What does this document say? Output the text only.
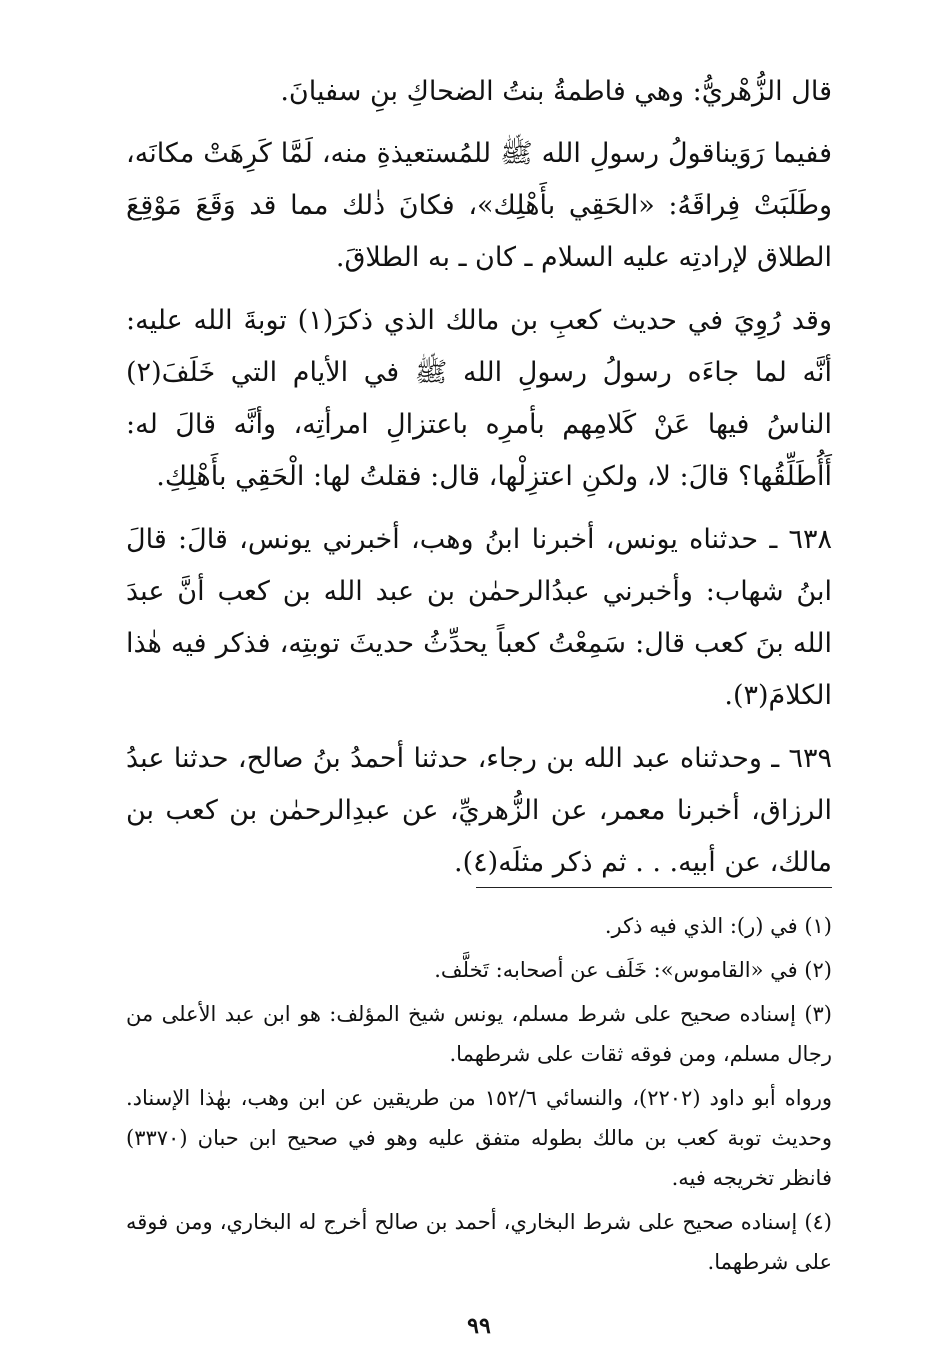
قال الزُّهْريُّ: وهي فاطمةُ بنتُ الضحاكِ بنِ سفيانَ.

ففيما رَوَيناقولُ رسولِ الله ﷺ للمُستعيذةِ منه، لَمَّا كَرِهَتْ مكانَه، وطَلَبَتْ فِراقَهُ: «الحَقِي بأَهْلِك»، فكانَ ذٰلك مما قد وَقَعَ مَوْقِعَ الطلاق لإرادتِه عليه السلام ـ كان ـ به الطلاقَ.

وقد رُوِيَ في حديث كعبِ بن مالك الذي ذكرَ(١) توبةَ الله عليه: أنَّه لما جاءَه رسولُ رسولِ الله ﷺ في الأيام التي خَلَفَ(٢) الناسُ فيها عَنْ كَلامِهم بأمرِه باعتزالِ امرأتِه، وأنَّه قالَ له: أَأُطَلِّقُها؟ قالَ: لا، ولكنِ اعتزِلْها، قال: فقلتُ لها: الْحَقِي بأَهْلِكِ.

٦٣٨ ـ حدثناه يونس، أخبرنا ابنُ وهب، أخبرني يونس، قالَ: قالَ ابنُ شهاب: وأخبرني عبدُالرحمٰن بن عبد الله بن كعب أنَّ عبدَ الله بنَ كعب قال: سَمِعْتُ كعباً يحدِّثُ حديثَ توبتِه، فذكر فيه هٰذا الكلامَ(٣).

٦٣٩ ـ وحدثناه عبد الله بن رجاء، حدثنا أحمدُ بنُ صالح، حدثنا عبدُ الرزاق، أخبرنا معمر، عن الزُّهريِّ، عن عبدِالرحمٰن بن كعب بن مالك، عن أبيه. . . ثم ذكر مثلَه(٤).

(١) في (ر): الذي فيه ذكر.

(٢) في «القاموس»: خَلَف عن أصحابه: تَخلَّف.

(٣) إسناده صحيح على شرط مسلم، يونس شيخ المؤلف: هو ابن عبد الأعلى من رجال مسلم، ومن فوقه ثقات على شرطهما.

ورواه أبو داود (٢٢٠٢)، والنسائي ٦/‏١٥٢ من طريقين عن ابن وهب، بهٰذا الإسناد. وحديث توبة كعب بن مالك بطوله متفق عليه وهو في صحيح ابن حبان (٣٣٧٠) فانظر تخريجه فيه.

(٤) إسناده صحيح على شرط البخاري، أحمد بن صالح أخرج له البخاري، ومن فوقه على شرطهما.

٩٩
